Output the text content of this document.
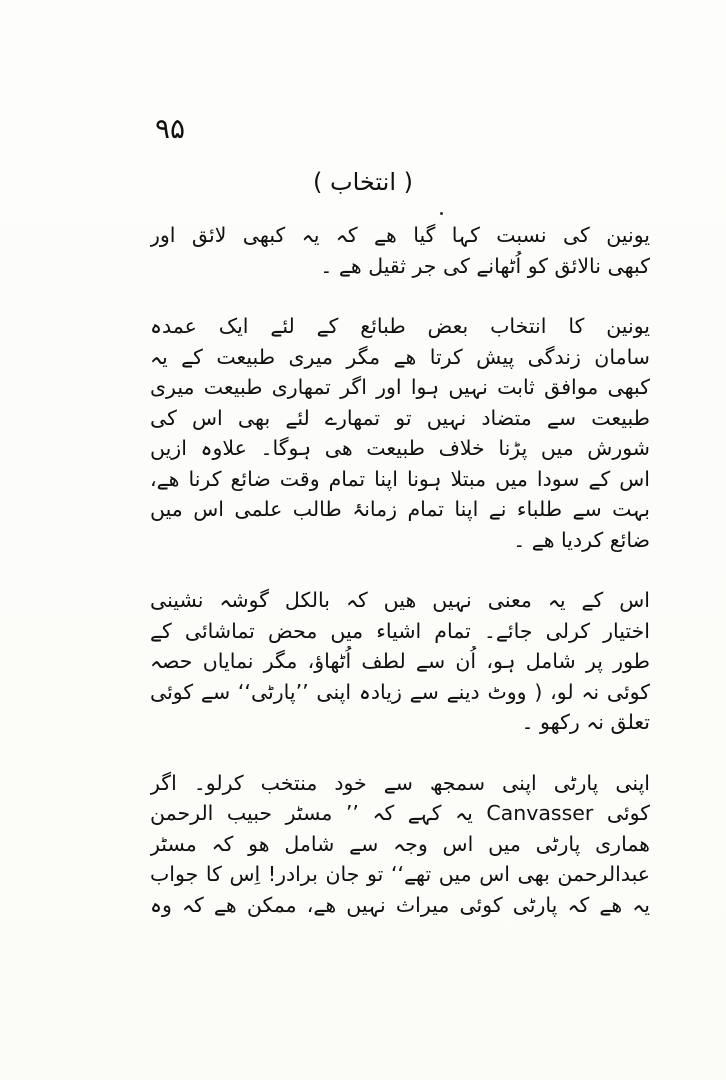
۹۵
( انتخاب )

یونین کی نسبت کہا گیا ھے کہ یہ کبھی لائق اور
کبھی نالائق کو اُٹھانے کی جر ثقیل ھے ۔

یونین کا انتخاب بعض طبائع کے لئے ایک عمدہ
سامان زندگی پیش کرتا ھے مگر میری طبیعت کے یہ
کبھی موافق ثابت نہیں ہوا اور اگر تمھاری طبیعت میری
طبیعت سے متضاد نہیں تو تمھارے لئے بھی اس کی
شورش میں پڑنا خلاف طبیعت ھی ہوگا۔ علاوہ ازیں
اس کے سودا میں مبتلا ہونا اپنا تمام وقت ضائع کرنا ھے،
بہت سے طلباء نے اپنا تمام زمانۂ طالب علمی اس میں
ضائع کردیا ھے ۔

اس کے یہ معنی نہیں ھیں کہ بالکل گوشہ نشینی
اختیار کرلی جائے۔ تمام اشیاء میں محض تماشائی کے
طور پر شامل ہو، اُن سے لطف اُٹھاؤ، مگر نمایاں حصہ
کوئی نہ لو، ( ووٹ دینے سے زیادہ اپنی ’’پارٹی‘‘ سے کوئی
تعلق نہ رکھو ۔

اپنی پارٹی اپنی سمجھ سے خود منتخب کرلو۔ اگر
کوئی Canvasser یہ کہے کہ ’’ مسٹر حبیب الرحمن
ھماری پارٹی میں اس وجہ سے شامل ھو کہ مسٹر
عبدالرحمن بھی اس میں تھے‘‘ تو جان برادر! اِس کا جواب
یہ ھے کہ پارٹی کوئی میراث نہیں ھے، ممکن ھے کہ وہ
